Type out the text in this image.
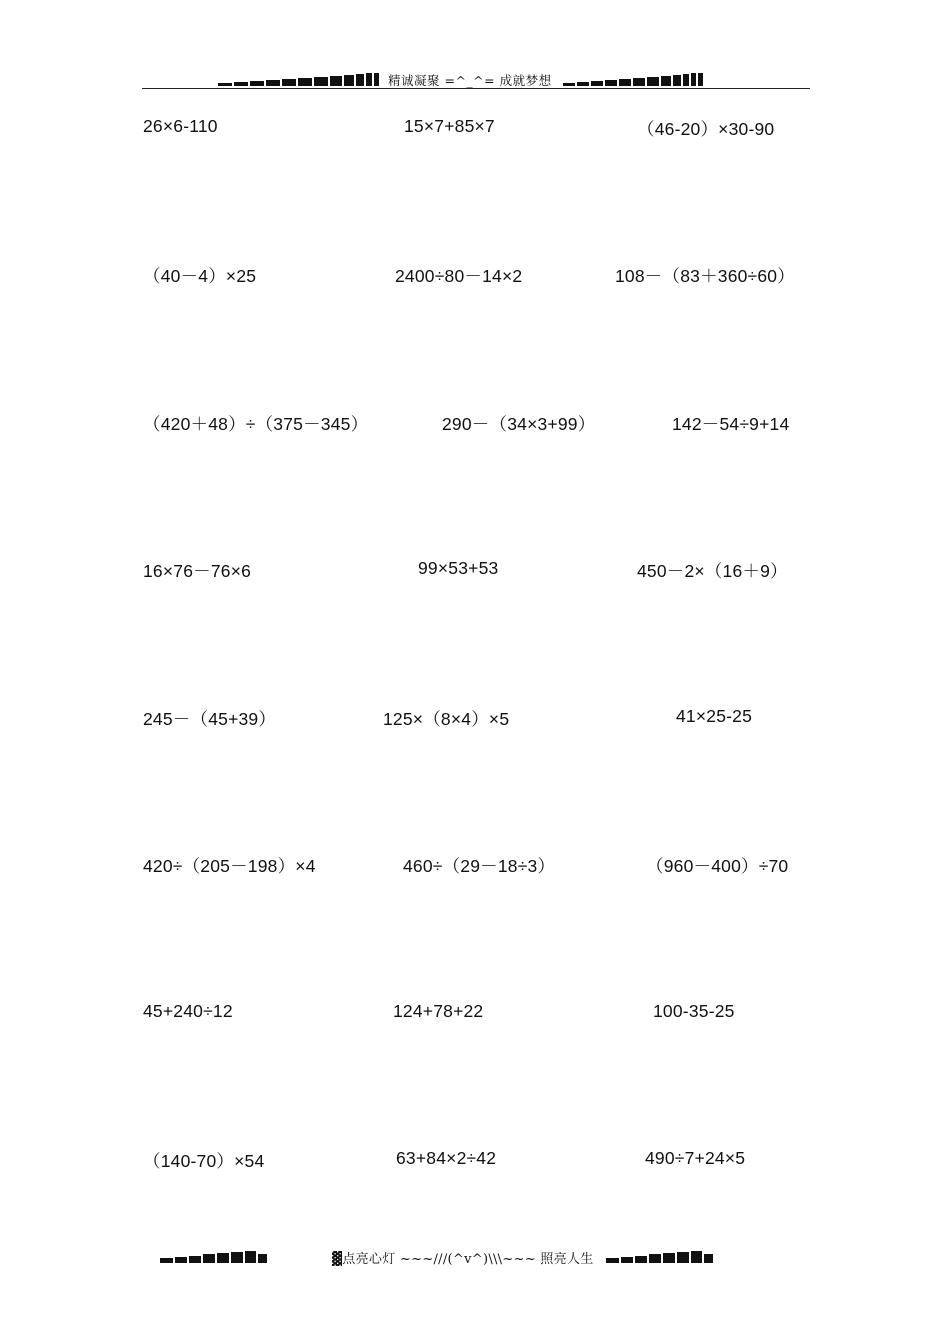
精诚凝聚 =^_^= 成就梦想
26×6-110	15×7+85×7	（46-20）×30-90
（40－4）×25	2400÷80－14×2	108－（83＋360÷60）
（420＋48）÷（375－345）	290－（34×3+99）	142－54÷9+14
16×76－76×6	99×53+53	450－2×（16＋9）
245－（45+39）	125×（8×4）×5	41×25-25
420÷（205－198）×4	460÷（29－18÷3）	（960－400）÷70
45+240÷12	124+78+22	100-35-25
（140-70）×54	63+84×2÷42	490÷7+24×5
▓点亮心灯 ~~~///(^v^)\\\~~~ 照亮人生
